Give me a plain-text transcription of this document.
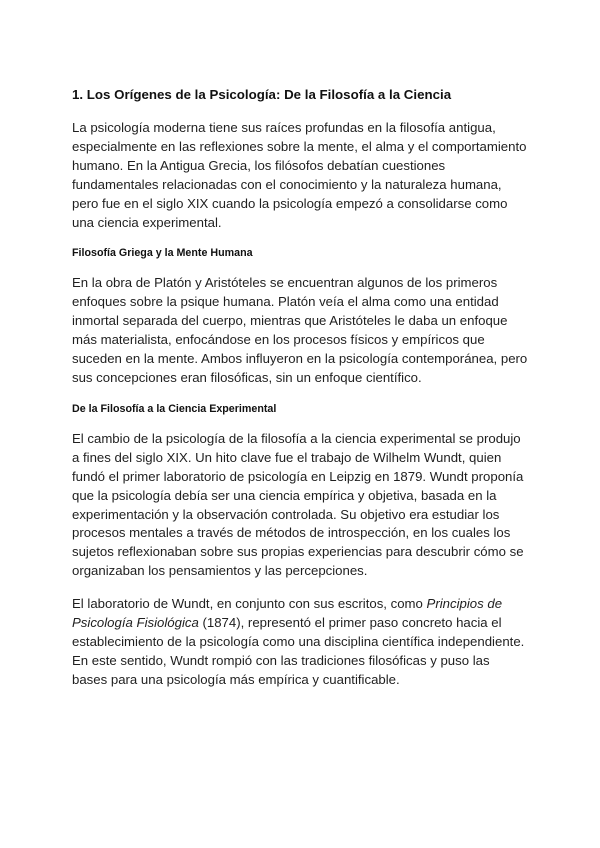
1. Los Orígenes de la Psicología: De la Filosofía a la Ciencia

La psicología moderna tiene sus raíces profundas en la filosofía antigua, especialmente en las reflexiones sobre la mente, el alma y el comportamiento humano. En la Antigua Grecia, los filósofos debatían cuestiones fundamentales relacionadas con el conocimiento y la naturaleza humana, pero fue en el siglo XIX cuando la psicología empezó a consolidarse como una ciencia experimental.

Filosofía Griega y la Mente Humana

En la obra de Platón y Aristóteles se encuentran algunos de los primeros enfoques sobre la psique humana. Platón veía el alma como una entidad inmortal separada del cuerpo, mientras que Aristóteles le daba un enfoque más materialista, enfocándose en los procesos físicos y empíricos que suceden en la mente. Ambos influyeron en la psicología contemporánea, pero sus concepciones eran filosóficas, sin un enfoque científico.

De la Filosofía a la Ciencia Experimental

El cambio de la psicología de la filosofía a la ciencia experimental se produjo a fines del siglo XIX. Un hito clave fue el trabajo de Wilhelm Wundt, quien fundó el primer laboratorio de psicología en Leipzig en 1879. Wundt proponía que la psicología debía ser una ciencia empírica y objetiva, basada en la experimentación y la observación controlada. Su objetivo era estudiar los procesos mentales a través de métodos de introspección, en los cuales los sujetos reflexionaban sobre sus propias experiencias para descubrir cómo se organizaban los pensamientos y las percepciones.

El laboratorio de Wundt, en conjunto con sus escritos, como Principios de Psicología Fisiológica (1874), representó el primer paso concreto hacia el establecimiento de la psicología como una disciplina científica independiente. En este sentido, Wundt rompió con las tradiciones filosóficas y puso las bases para una psicología más empírica y cuantificable.
